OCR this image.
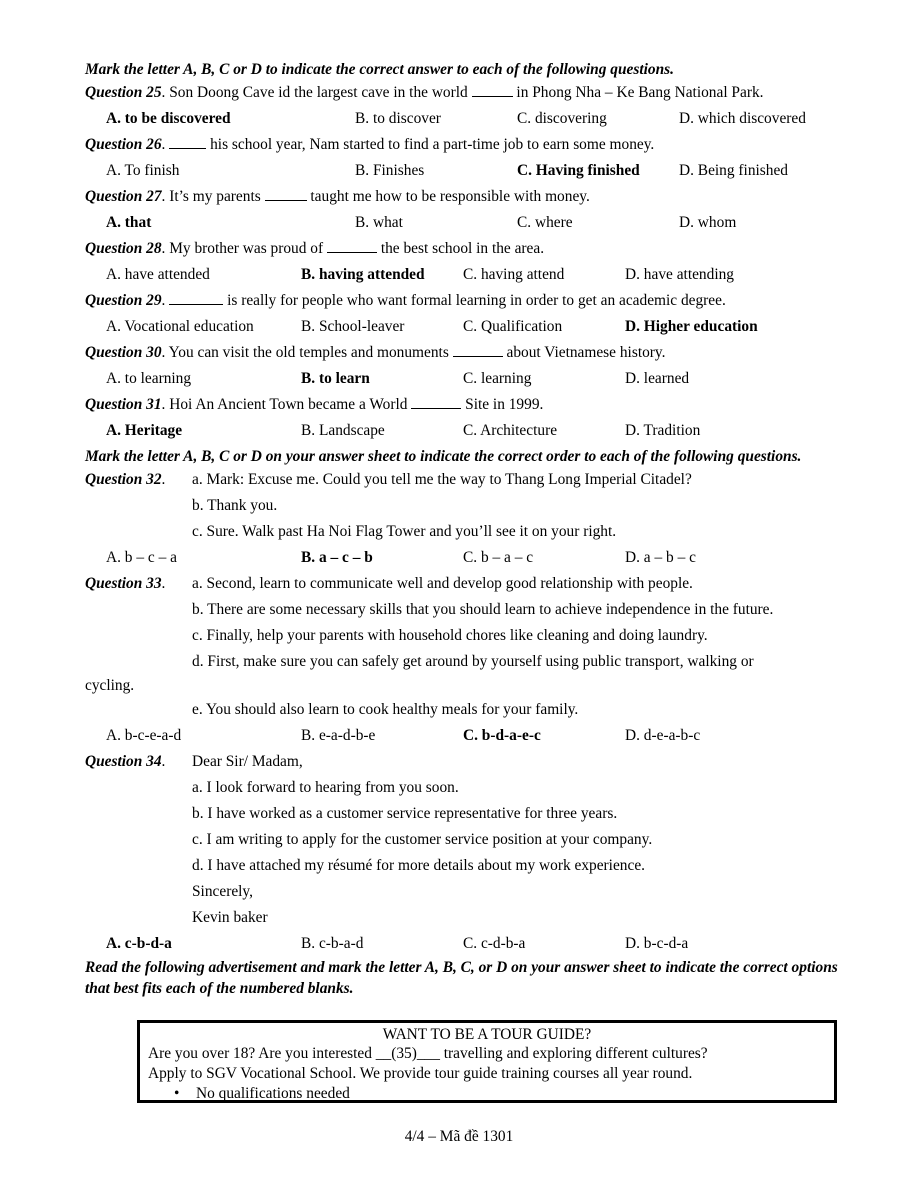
Mark the letter A, B, C or D to indicate the correct answer to each of the following questions.
Question 25. Son Doong Cave id the largest cave in the world	in Phong Nha – Ke Bang National Park.
A. to be discovered	B. to discover	C. discovering	D. which discovered
Question 26.  his school year, Nam started to find a part-time job to earn some money.
A. To finish	B. Finishes	C. Having finished	D. Being finished
Question 27. It’s my parents	taught me how to be responsible with money.
A. that	B. what	C. where	D. whom
Question 28. My brother was proud of	the best school in the area.
A. have attended	B. having attended	C. having attend	D. have attending
Question 29.	is really for people who want formal learning in order to get an academic degree.
A. Vocational education	B. School-leaver	C. Qualification	D. Higher education
Question 30. You can visit the old temples and monuments	about Vietnamese history.
A. to learning	B. to learn	C. learning	D. learned
Question 31. Hoi An Ancient Town became a World	Site in 1999.
A. Heritage	B. Landscape	C. Architecture	D. Tradition
Mark the letter A, B, C or D on your answer sheet to indicate the correct order to each of the following questions.
Question 32. a. Mark: Excuse me. Could you tell me the way to Thang Long Imperial Citadel?
b. Thank you.
c. Sure. Walk past Ha Noi Flag Tower and you’ll see it on your right.
A. b – c – a	B. a – c – b	C. b – a – c	D. a – b – c
Question 33. a. Second, learn to communicate well and develop good relationship with people.
b. There are some necessary skills that you should learn to achieve independence in the future.
c. Finally, help your parents with household chores like cleaning and doing laundry.
d. First, make sure you can safely get around by yourself using public transport, walking or
cycling.
e. You should also learn to cook healthy meals for your family.
A. b-c-e-a-d	B. e-a-d-b-e	C. b-d-a-e-c	D. d-e-a-b-c
Question 34. Dear Sir/ Madam,
a. I look forward to hearing from you soon.
b. I have worked as a customer service representative for three years.
c. I am writing to apply for the customer service position at your company.
d. I have attached my résumé for more details about my work experience.
Sincerely,
Kevin baker
A. c-b-d-a	B. c-b-a-d	C. c-d-b-a	D. b-c-d-a
Read the following advertisement and mark the letter A, B, C, or D on your answer sheet to indicate the correct options that best fits each of the numbered blanks.
WANT TO BE A TOUR GUIDE?
Are you over 18? Are you interested __(35)___ travelling and exploring different cultures?
Apply to SGV Vocational School. We provide tour guide training courses all year round.
• No qualifications needed
4/4 – Mã đề 1301
